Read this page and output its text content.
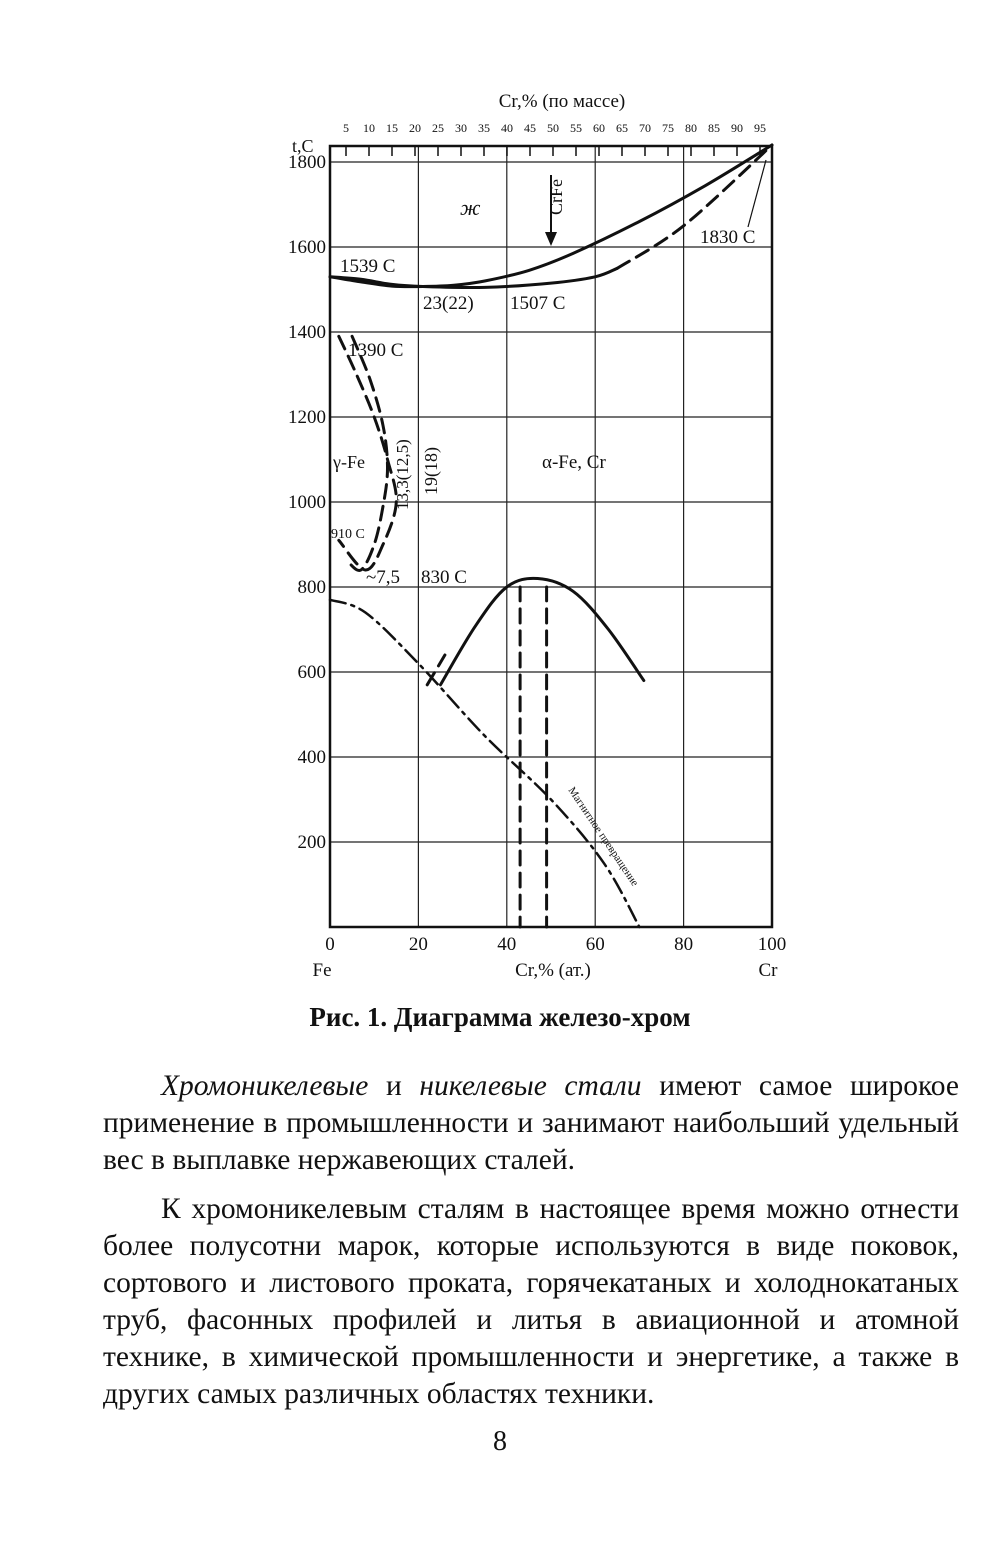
5 10 15 20 25 30 35 40 45 50 55 60 65 70 75 80 85 90 95
200
400
600
800
1000
1200
1400
1600
1800
0	20	40	60	80	100
Cr,% (по массе)
t,C
Cr,% (ат.)
Fe	Cr
ж	CrFe
1539 C
23(22) 1507 C
1830 C
1390 C
γ-Fe 13,3(12,5) 19(18)	α-Fe, Cr
910 C
~7,5 830 C
Магнитное превращение
Рис. 1. Диаграмма железо-хром

Хромоникелевые и никелевые стали имеют самое широкое применение в промышленности и занимают наибольший удельный вес в выплавке нержавеющих сталей.

К хромоникелевым сталям в настоящее время можно отнести более полусотни марок, которые используются в виде поковок, сортового и листового проката, горячекатаных и холоднокатаных труб, фасонных профилей и литья в авиационной и атомной технике, в химической промышленности и энергетике, а также в других самых различных областях техники.

8
